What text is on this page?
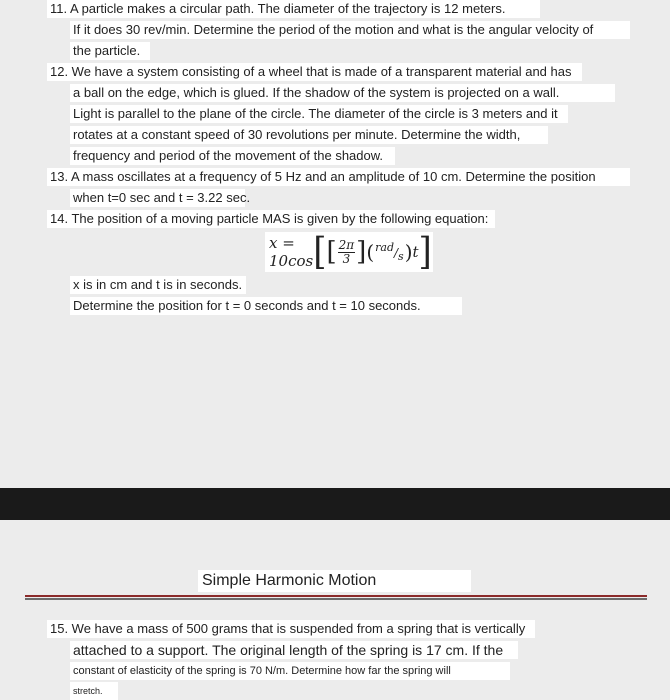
11. A particle makes a circular path. The diameter of the trajectory is 12 meters.
If it does 30 rev/min. Determine the period of the motion and what is the angular velocity of
the particle.
12. We have a system consisting of a wheel that is made of a transparent material and has
a ball on the edge, which is glued. If the shadow of the system is projected on a wall.
Light is parallel to the plane of the circle. The diameter of the circle is 3 meters and it
rotates at a constant speed of 30 revolutions per minute. Determine the width,
frequency and period of the movement of the shadow.
13. A mass oscillates at a frequency of 5 Hz and an amplitude of 10 cm. Determine the position
when t=0 sec and t = 3.22 sec.
14. The position of a moving particle MAS is given by the following equation:
x = 10cos [ [ $\frac{2\pi}{3}$ ] ( rad/s ) t ]
x is in cm and t is in seconds.
Determine the position for t = 0 seconds and t = 10 seconds.
Simple Harmonic Motion
15. We have a mass of 500 grams that is suspended from a spring that is vertically
attached to a support. The original length of the spring is 17 cm. If the
constant of elasticity of the spring is 70 N/m. Determine how far the spring will
stretch.
